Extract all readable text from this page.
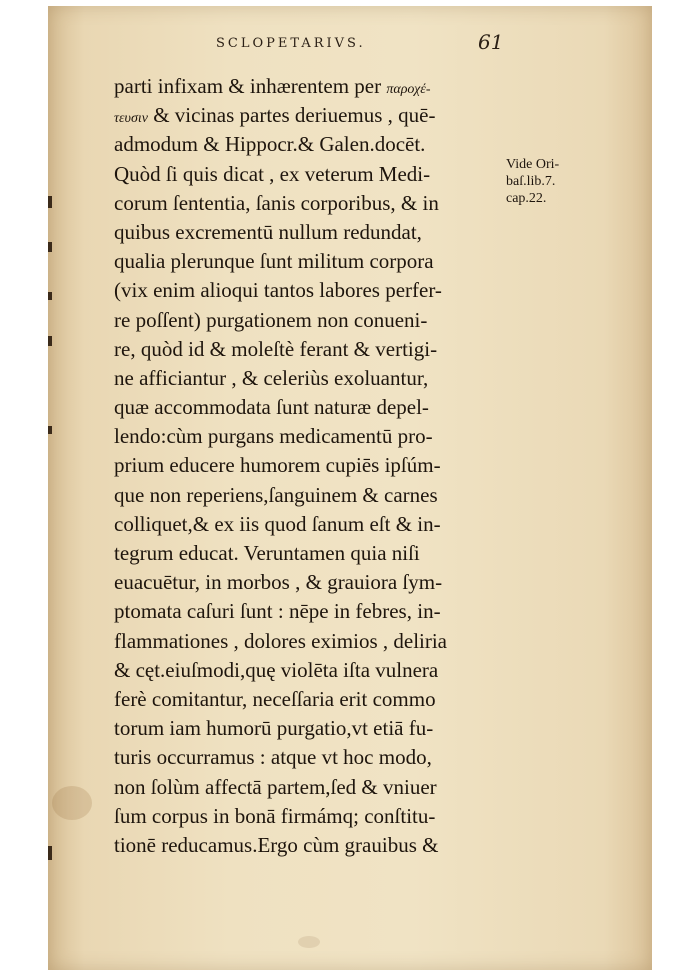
SCLOPETARIVS.	61
parti infixam & inhærentem per παροχέ-
τευσιν & vicinas partes deriuemus , quē-
admodum & Hippocr.& Galen.docēt.
Quòd ſi quis dicat , ex veterum Medi-
corum ſententia, ſanis corporibus, & in
quibus excrementū nullum redundat,
qualia plerunque ſunt militum corpora
(vix enim alioqui tantos labores perfer-
re poſſent) purgationem non conueni-
re, quòd id & moleſtè ferant & vertigi-
ne afficiantur , & celeriùs exoluantur,
quæ accommodata ſunt naturæ depel-
lendo:cùm purgans medicamentū pro-
prium educere humorem cupiēs ipſúm-
que non reperiens,ſanguinem & carnes
colliquet,& ex iis quod ſanum eſt & in-
tegrum educat. Veruntamen quia niſi
euacuētur, in morbos , & grauiora ſym-
ptomata caſuri ſunt : nēpe in febres, in-
flammationes , dolores eximios , deliria
& cęt.eiuſmodi,quę violēta iſta vulnera
ferè comitantur, neceſſaria erit commo
torum iam humorū purgatio,vt etiā fu-
turis occurramus : atque vt hoc modo,
non ſolùm affectā partem,ſed & vniuer
ſum corpus in bonā firmámq; conſtitu-
tionē reducamus.Ergo cùm grauibus &
Vide Ori-
baſ.lib.7.
cap.22.
